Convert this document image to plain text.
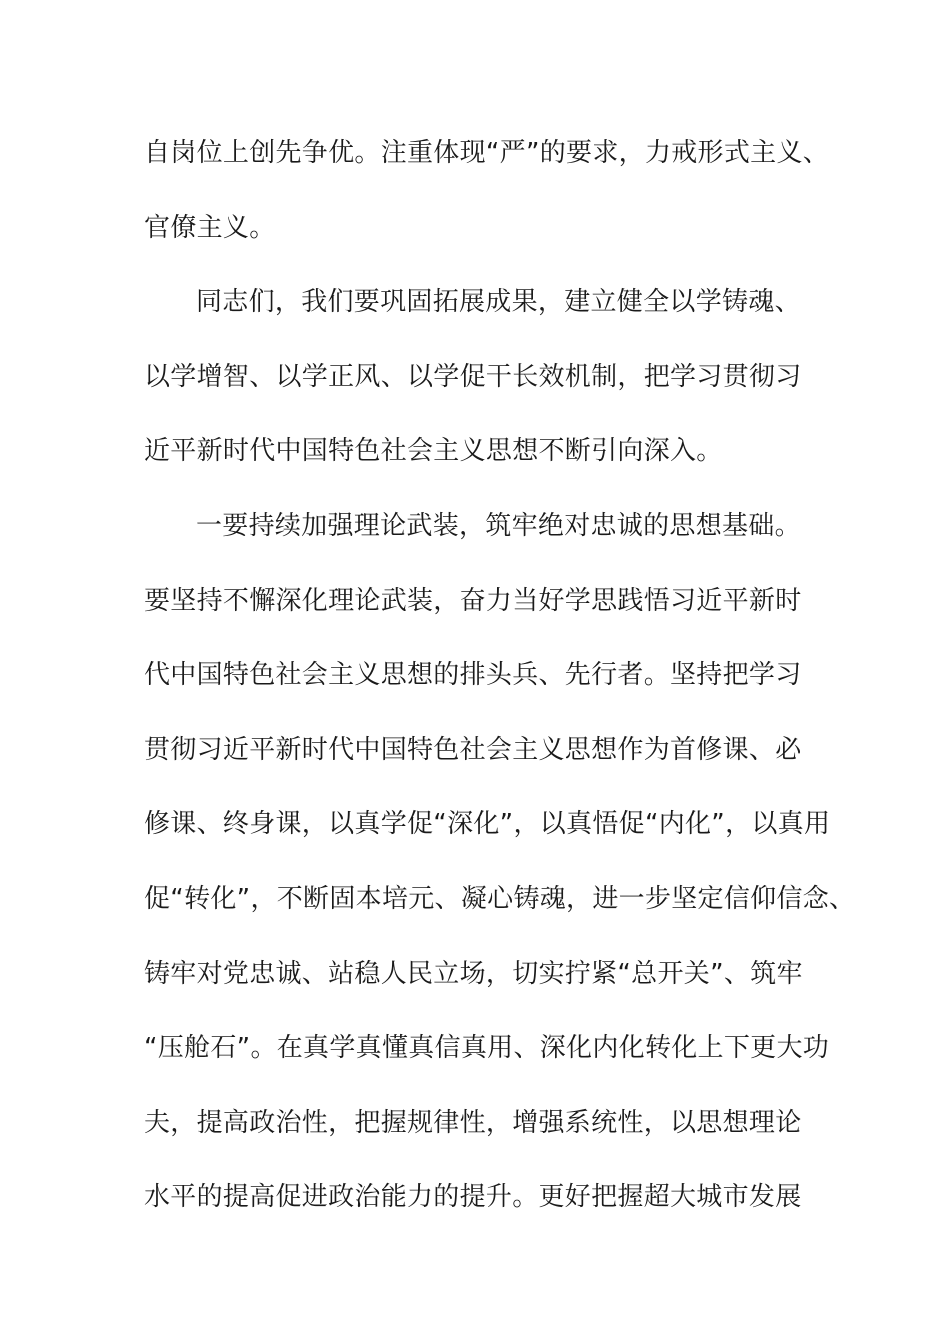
自岗位上创先争优。注重体现“严”的要求，力戒形式主义、
官僚主义。
同志们，我们要巩固拓展成果，建立健全以学铸魂、
以学增智、以学正风、以学促干长效机制，把学习贯彻习
近平新时代中国特色社会主义思想不断引向深入。
一要持续加强理论武装，筑牢绝对忠诚的思想基础。
要坚持不懈深化理论武装，奋力当好学思践悟习近平新时
代中国特色社会主义思想的排头兵、先行者。坚持把学习
贯彻习近平新时代中国特色社会主义思想作为首修课、必
修课、终身课，以真学促“深化”，以真悟促“内化”，以真用
促“转化”，不断固本培元、凝心铸魂，进一步坚定信仰信念、
铸牢对党忠诚、站稳人民立场，切实拧紧“总开关”、筑牢
“压舱石”。在真学真懂真信真用、深化内化转化上下更大功
夫，提高政治性，把握规律性，增强系统性，以思想理论
水平的提高促进政治能力的提升。更好把握超大城市发展
